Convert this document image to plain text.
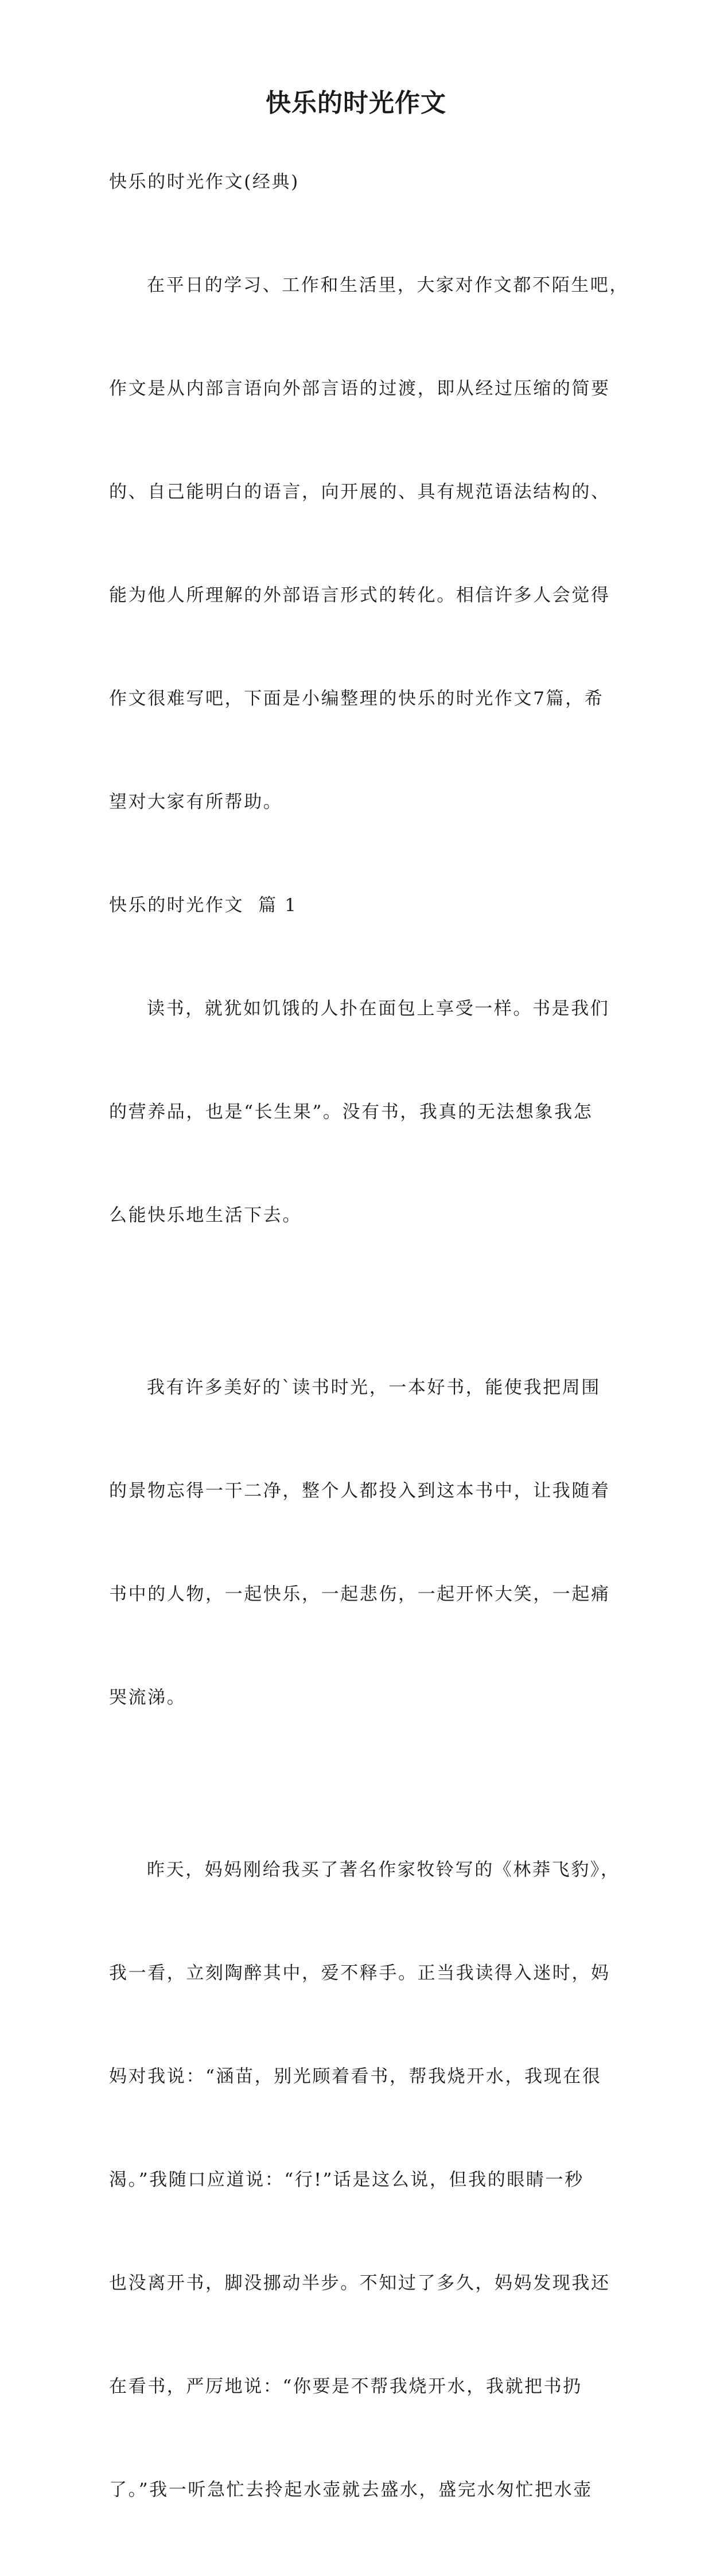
快乐的时光作文

快乐的时光作文(经典)

在平日的学习、工作和生活里，大家对作文都不陌生吧，

作文是从内部言语向外部言语的过渡，即从经过压缩的简要

的、自己能明白的语言，向开展的、具有规范语法结构的、

能为他人所理解的外部语言形式的转化。相信许多人会觉得

作文很难写吧，下面是小编整理的快乐的时光作文7篇，希

望对大家有所帮助。

快乐的时光作文  篇 1

读书，就犹如饥饿的人扑在面包上享受一样。书是我们

的营养品，也是“长生果”。没有书，我真的无法想象我怎

么能快乐地生活下去。

我有许多美好的`读书时光，一本好书，能使我把周围

的景物忘得一干二净，整个人都投入到这本书中，让我随着

书中的人物，一起快乐，一起悲伤，一起开怀大笑，一起痛

哭流涕。

昨天，妈妈刚给我买了著名作家牧铃写的《林莽飞豹》，

我一看，立刻陶醉其中，爱不释手。正当我读得入迷时，妈

妈对我说：“涵苗，别光顾着看书，帮我烧开水，我现在很

渴。”我随口应道说：“行!”话是这么说，但我的眼睛一秒

也没离开书，脚没挪动半步。不知过了多久，妈妈发现我还

在看书，严厉地说：“你要是不帮我烧开水，我就把书扔

了。”我一听急忙去拎起水壶就去盛水，盛完水匆忙把水壶
